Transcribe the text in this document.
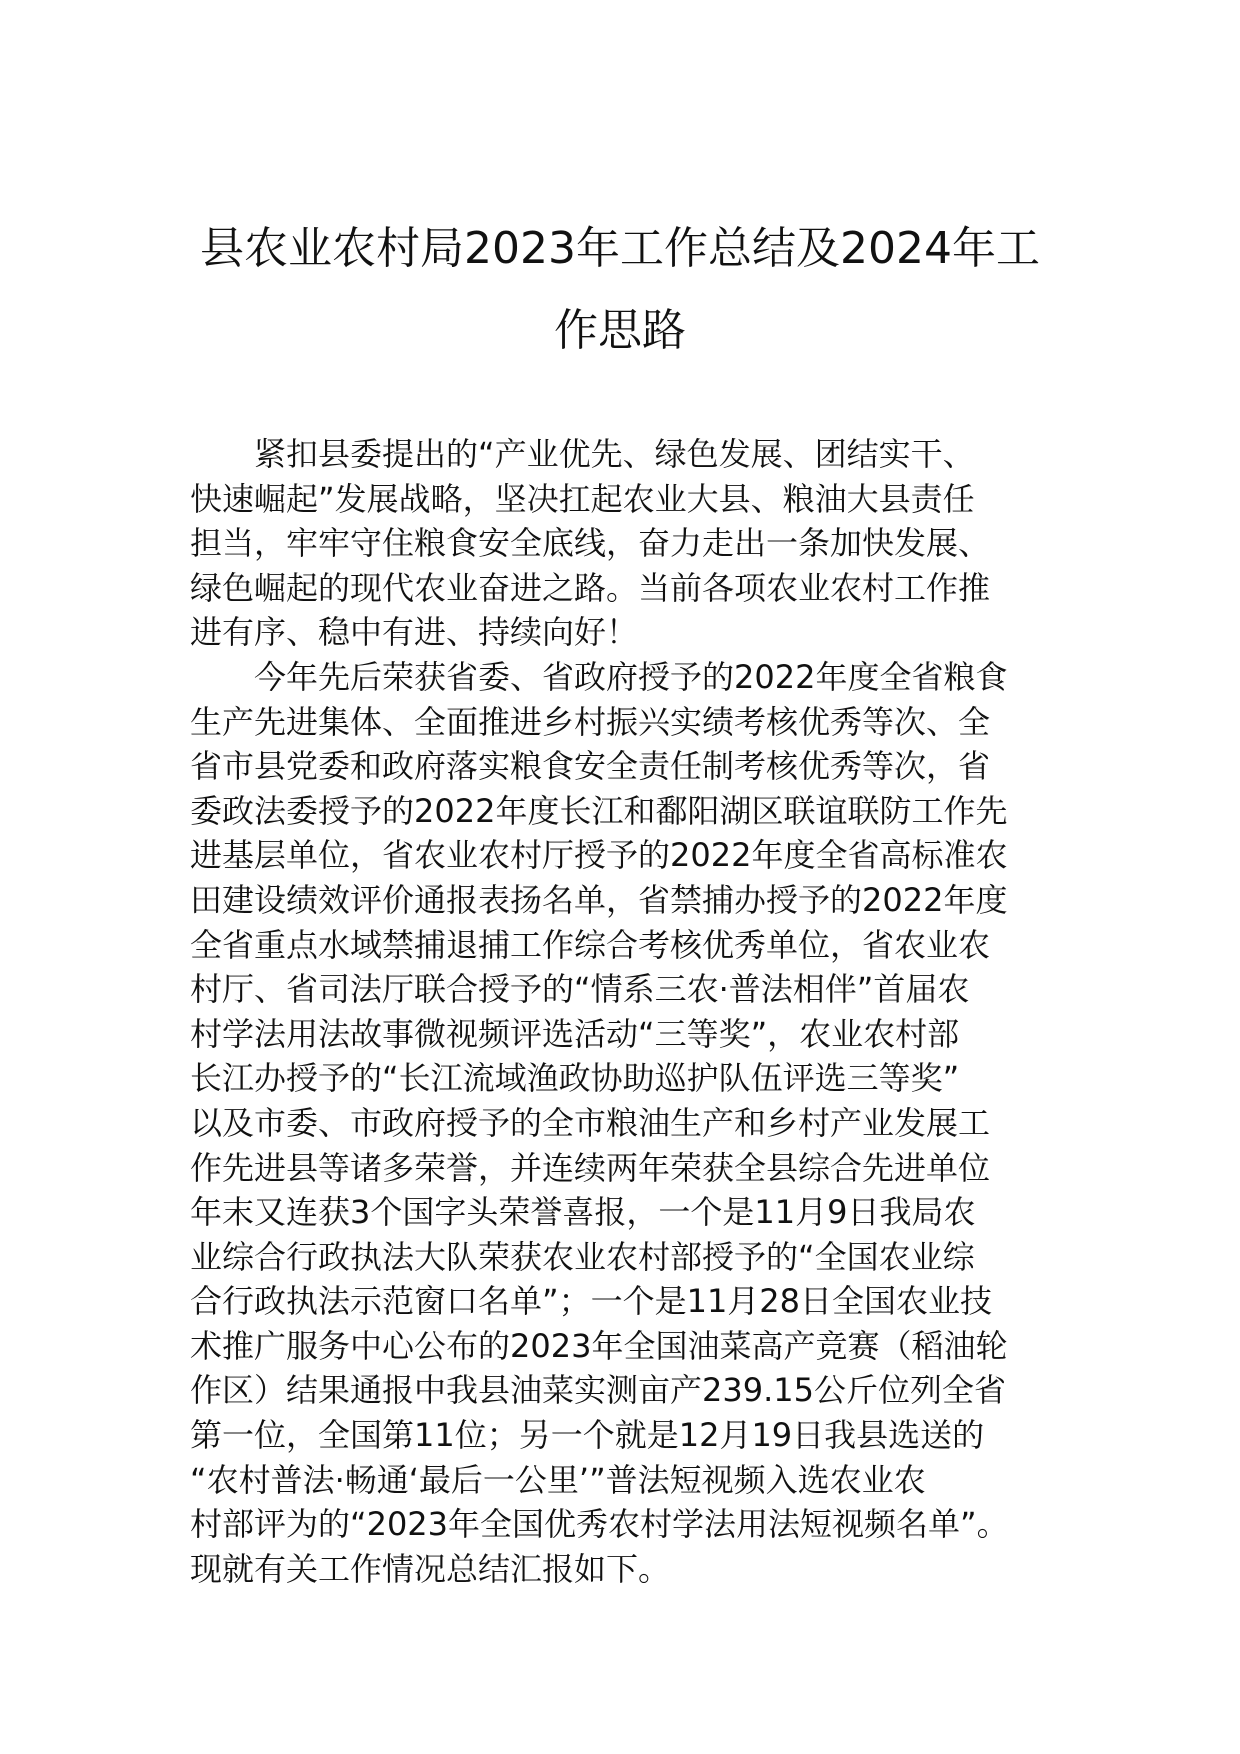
县农业农村局2023年工作总结及2024年工
作思路
　　紧扣县委提出的“产业优先、绿色发展、团结实干、
快速崛起”发展战略，坚决扛起农业大县、粮油大县责任
担当，牢牢守住粮食安全底线，奋力走出一条加快发展、
绿色崛起的现代农业奋进之路。当前各项农业农村工作推
进有序、稳中有进、持续向好！
　　今年先后荣获省委、省政府授予的2022年度全省粮食
生产先进集体、全面推进乡村振兴实绩考核优秀等次、全
省市县党委和政府落实粮食安全责任制考核优秀等次，省
委政法委授予的2022年度长江和鄱阳湖区联谊联防工作先
进基层单位，省农业农村厅授予的2022年度全省高标准农
田建设绩效评价通报表扬名单，省禁捕办授予的2022年度
全省重点水域禁捕退捕工作综合考核优秀单位，省农业农
村厅、省司法厅联合授予的“情系三农·普法相伴”首届农
村学法用法故事微视频评选活动“三等奖”，农业农村部
长江办授予的“长江流域渔政协助巡护队伍评选三等奖”
以及市委、市政府授予的全市粮油生产和乡村产业发展工
作先进县等诸多荣誉，并连续两年荣获全县综合先进单位
年末又连获3个国字头荣誉喜报，一个是11月9日我局农
业综合行政执法大队荣获农业农村部授予的“全国农业综
合行政执法示范窗口名单”；一个是11月28日全国农业技
术推广服务中心公布的2023年全国油菜高产竞赛（稻油轮
作区）结果通报中我县油菜实测亩产239.15公斤位列全省
第一位，全国第11位；另一个就是12月19日我县选送的
“农村普法·畅通‘最后一公里’”普法短视频入选农业农
村部评为的“2023年全国优秀农村学法用法短视频名单”。
现就有关工作情况总结汇报如下。
